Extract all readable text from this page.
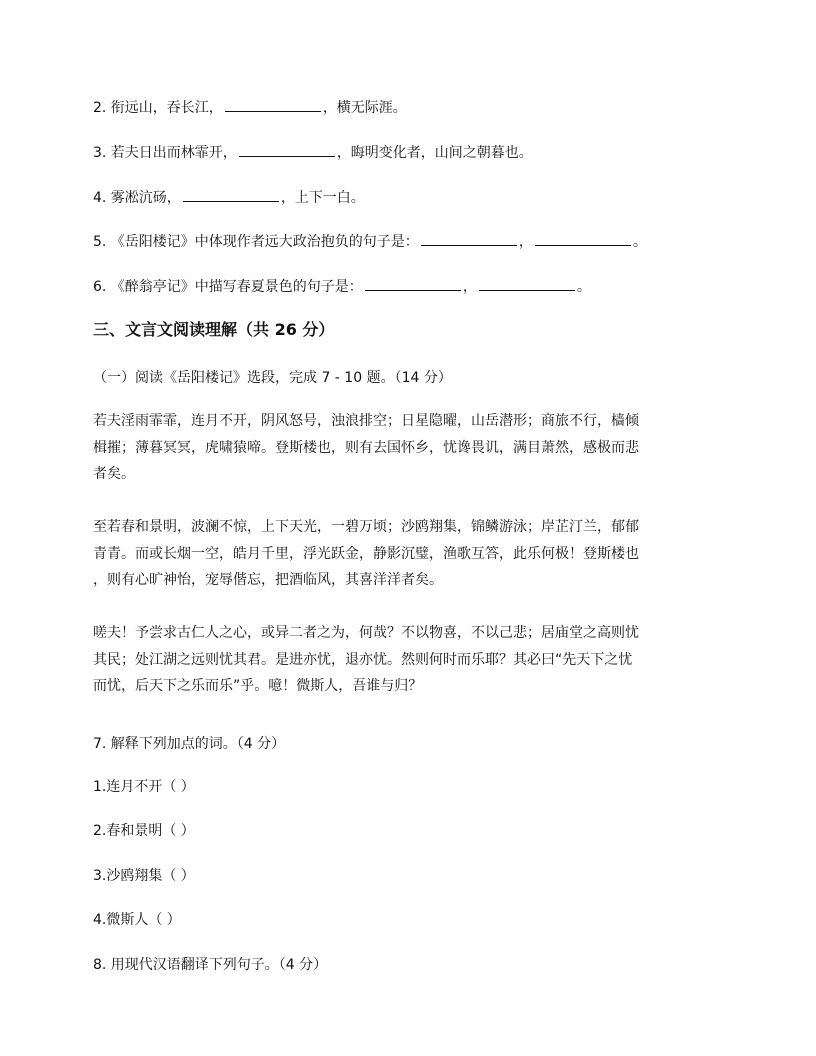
2. 衔远山，吞长江，	，横无际涯。
3. 若夫日出而林霏开，	，晦明变化者，山间之朝暮也。
4. 雾凇沆砀，	，上下一白。
5. 《岳阳楼记》中体现作者远大政治抱负的句子是：	，	。
6. 《醉翁亭记》中描写春夏景色的句子是：	，	。
三、文言文阅读理解（共 26 分）
（一）阅读《岳阳楼记》选段，完成 7 - 10 题。（14 分）
若夫淫雨霏霏，连月不开，阴风怒号，浊浪排空；日星隐曜，山岳潜形；商旅不行，樯倾
楫摧；薄暮冥冥，虎啸猿啼。登斯楼也，则有去国怀乡，忧谗畏讥，满目萧然，感极而悲
者矣。
至若春和景明，波澜不惊，上下天光，一碧万顷；沙鸥翔集，锦鳞游泳；岸芷汀兰，郁郁
青青。而或长烟一空，皓月千里，浮光跃金，静影沉璧，渔歌互答，此乐何极！登斯楼也
，则有心旷神怡，宠辱偕忘，把酒临风，其喜洋洋者矣。
嗟夫！予尝求古仁人之心，或异二者之为，何哉？不以物喜，不以己悲；居庙堂之高则忧
其民；处江湖之远则忧其君。是进亦忧，退亦忧。然则何时而乐耶？其必曰“先天下之忧
而忧，后天下之乐而乐”乎。噫！微斯人，吾谁与归？
7. 解释下列加点的词。（4 分）
1.连月不开（ ）
2.春和景明（ ）
3.沙鸥翔集（ ）
4.微斯人（ ）
8. 用现代汉语翻译下列句子。（4 分）
